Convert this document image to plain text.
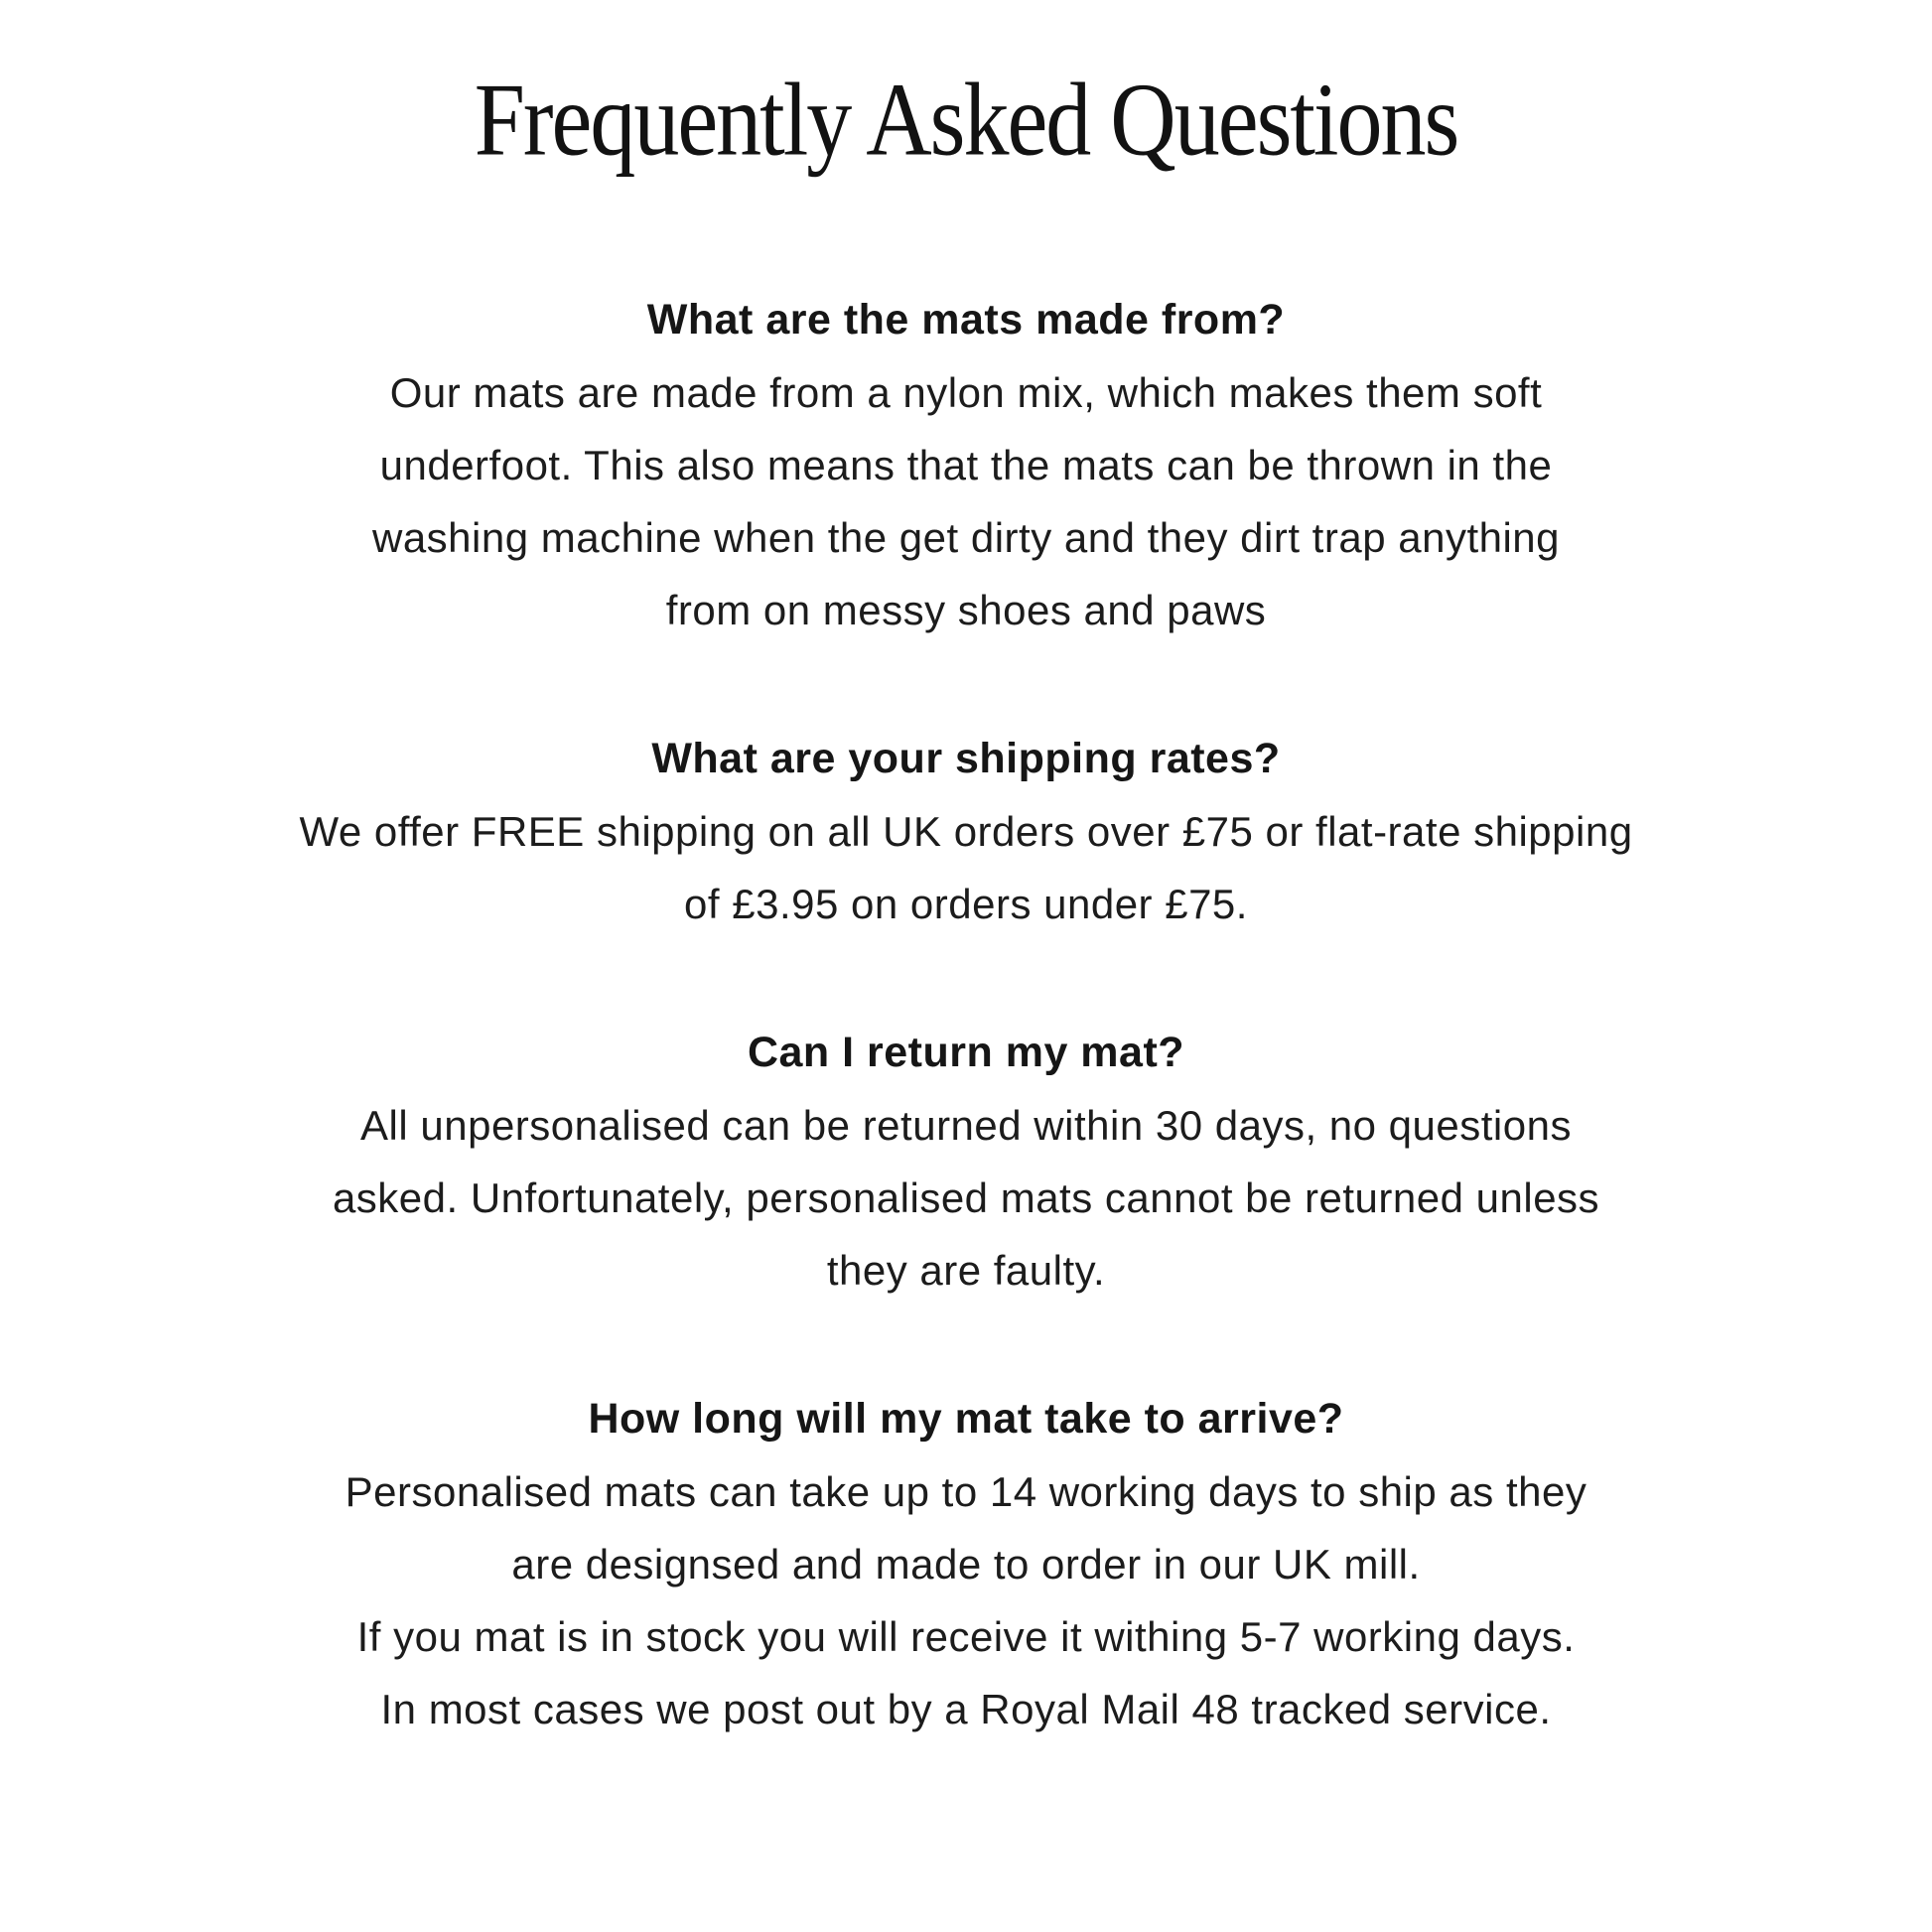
Frequently Asked Questions
What are the mats made from?
Our mats are made from a nylon mix, which makes them soft
underfoot. This also means that the mats can be thrown in the
washing machine when the get dirty and they dirt trap anything
from on messy shoes and paws
What are your shipping rates?
We offer FREE shipping on all UK orders over £75 or flat-rate shipping
of £3.95 on orders under £75.
Can I return my mat?
All unpersonalised can be returned within 30 days, no questions
asked. Unfortunately, personalised mats cannot be returned unless
they are faulty.
How long will my mat take to arrive?
Personalised mats can take up to 14 working days to ship as they
are designsed and made to order in our UK mill.
If you mat is in stock you will receive it withing 5-7 working days.
In most cases we post out by a Royal Mail 48 tracked service.
